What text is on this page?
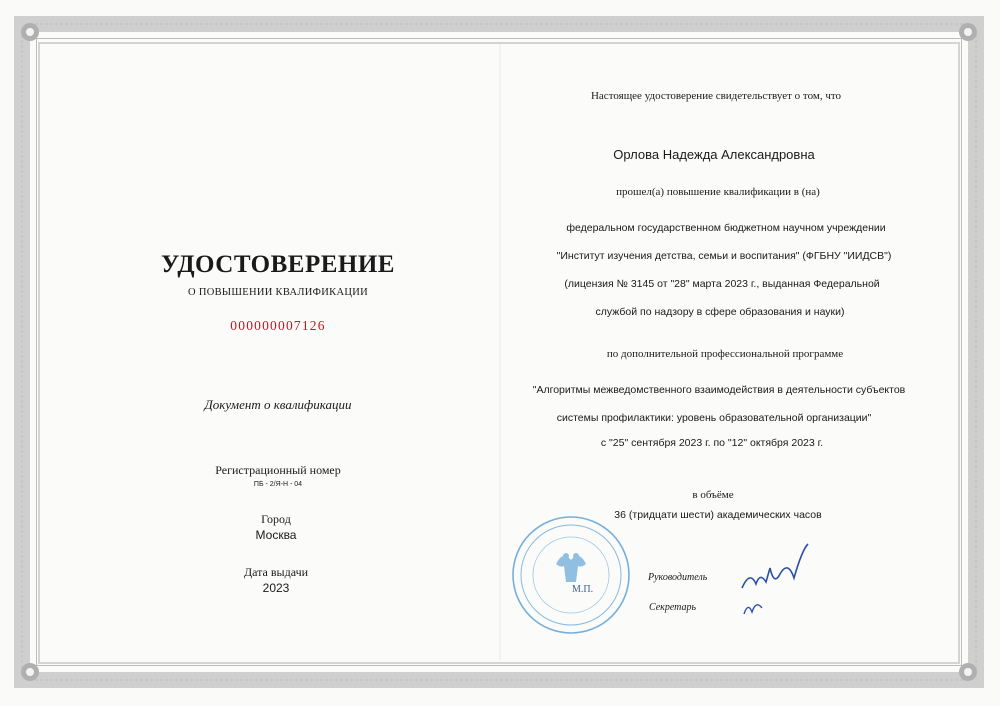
УДОСТОВЕРЕНИЕ
О ПОВЫШЕНИИ КВАЛИФИКАЦИИ
000000007126
Документ о квалификации
Регистрационный номер
ПБ - 2/Я-Н - 04
Город
Москва
Дата выдачи
2023
Настоящее удостоверение свидетельствует о том, что
Орлова Надежда Александровна
прошел(а) повышение квалификации в (на)
федеральном государственном бюджетном научном учреждении
"Институт изучения детства, семьи и воспитания" (ФГБНУ "ИИДСВ")
(лицензия № 3145 от "28" марта 2023 г., выданная Федеральной
службой по надзору в сфере образования и науки)
по дополнительной профессиональной программе
"Алгоритмы межведомственного взаимодействия в деятельности субъектов
системы профилактики: уровень образовательной организации"
с "25" сентября 2023 г. по "12" октября 2023 г.
в объёме
36 (тридцати шести) академических часов
М.П.
Руководитель
Секретарь
